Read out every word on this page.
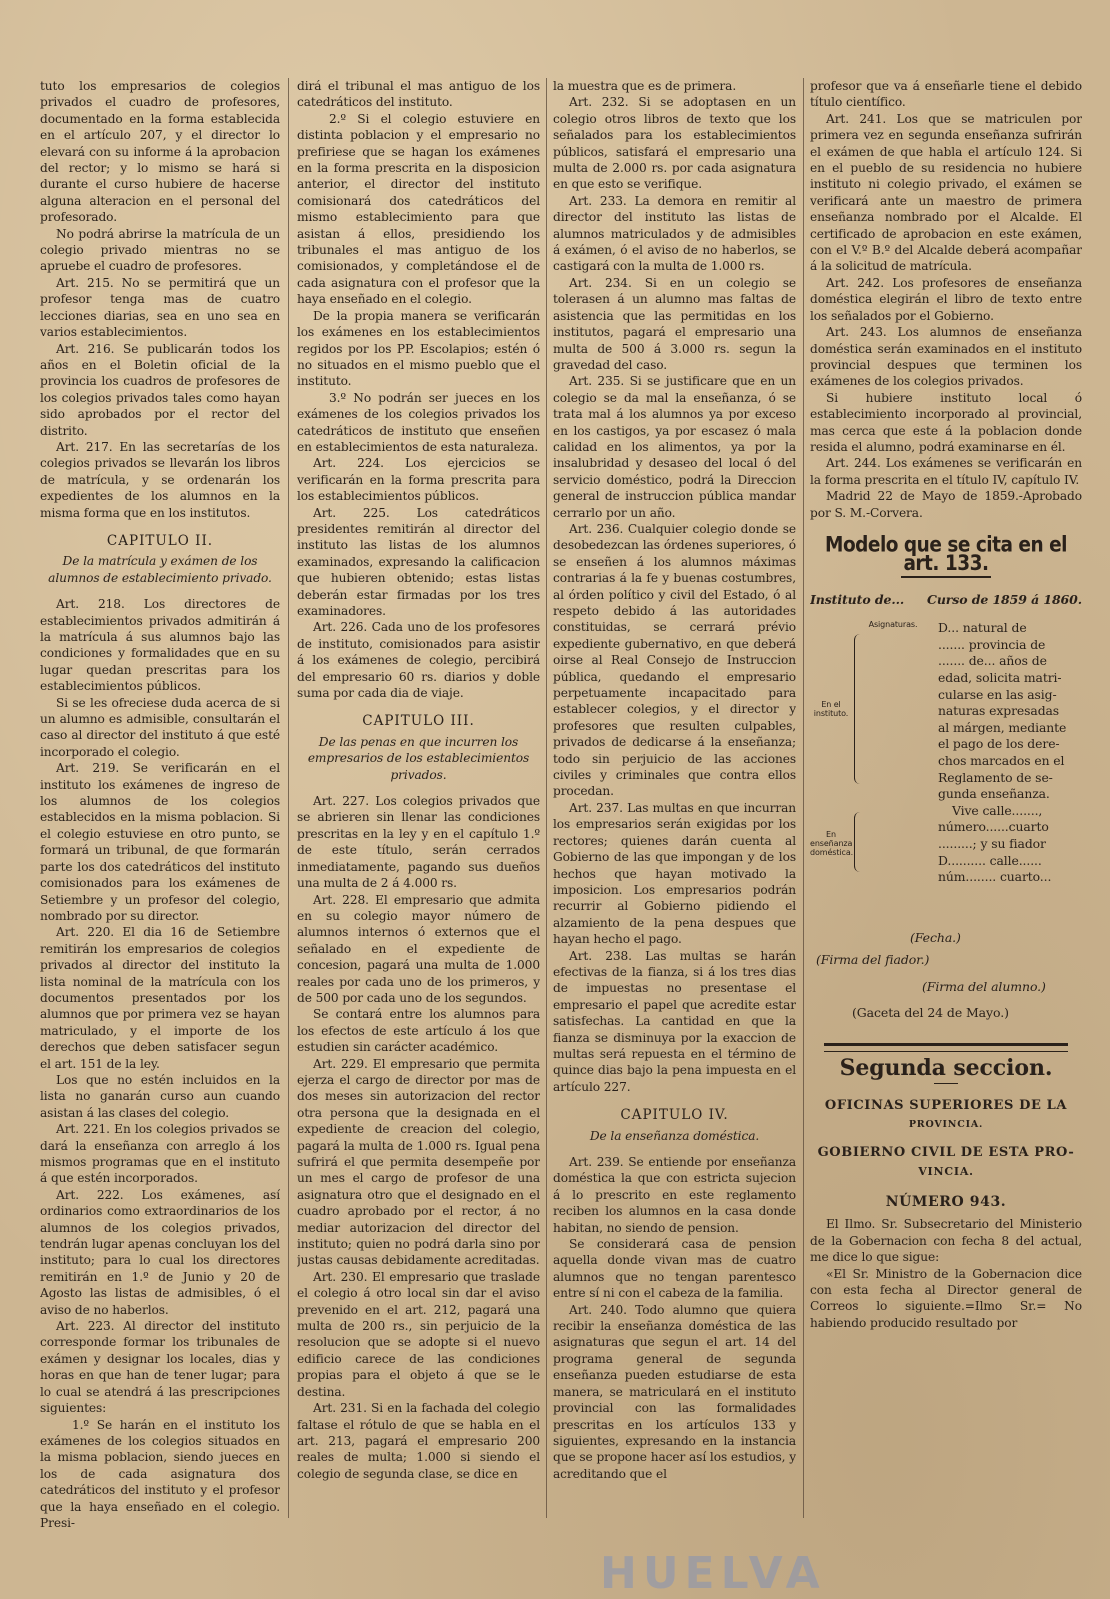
tuto los empresarios de colegios privados el cuadro de profesores, documentado en la forma establecida en el artículo 207, y el director lo elevará con su informe á la aprobacion del rector; y lo mismo se hará si durante el curso hubiere de hacerse alguna alteracion en el personal del profesorado.

No podrá abrirse la matrícula de un colegio privado mientras no se apruebe el cuadro de profesores.

Art. 215. No se permitirá que un profesor tenga mas de cuatro lecciones diarias, sea en uno sea en varios establecimientos.

Art. 216. Se publicarán todos los años en el Boletin oficial de la provincia los cuadros de profesores de los colegios privados tales como hayan sido aprobados por el rector del distrito.

Art. 217. En las secretarías de los colegios privados se llevarán los libros de matrícula, y se ordenarán los expedientes de los alumnos en la misma forma que en los institutos.

CAPITULO II.

De la matrícula y exámen de los alumnos de establecimiento privado.

Art. 218. Los directores de establecimientos privados admitirán á la matrícula á sus alumnos bajo las condiciones y formalidades que en su lugar quedan prescritas para los establecimientos públicos.

Si se les ofreciese duda acerca de si un alumno es admisible, consultarán el caso al director del instituto á que esté incorporado el colegio.

Art. 219. Se verificarán en el instituto los exámenes de ingreso de los alumnos de los colegios establecidos en la misma poblacion. Si el colegio estuviese en otro punto, se formará un tribunal, de que formarán parte los dos catedráticos del instituto comisionados para los exámenes de Setiembre y un profesor del colegio, nombrado por su director.

Art. 220. El dia 16 de Setiembre remitirán los empresarios de colegios privados al director del instituto la lista nominal de la matrícula con los documentos presentados por los alumnos que por primera vez se hayan matriculado, y el importe de los derechos que deben satisfacer segun el art. 151 de la ley.

Los que no estén incluidos en la lista no ganarán curso aun cuando asistan á las clases del colegio.

Art. 221. En los colegios privados se dará la enseñanza con arreglo á los mismos programas que en el instituto á que estén incorporados.

Art. 222. Los exámenes, así ordinarios como extraordinarios de los alumnos de los colegios privados, tendrán lugar apenas concluyan los del instituto; para lo cual los directores remitirán en 1.º de Junio y 20 de Agosto las listas de admisibles, ó el aviso de no haberlos.

Art. 223. Al director del instituto corresponde formar los tribunales de exámen y designar los locales, dias y horas en que han de tener lugar; para lo cual se atendrá á las prescripciones siguientes:

1.º Se harán en el instituto los exámenes de los colegios situados en la misma poblacion, siendo jueces en los de cada asignatura dos catedráticos del instituto y el profesor que la haya enseñado en el colegio. Presi-

dirá el tribunal el mas antiguo de los catedráticos del instituto.

2.º Si el colegio estuviere en distinta poblacion y el empresario no prefiriese que se hagan los exámenes en la forma prescrita en la disposicion anterior, el director del instituto comisionará dos catedráticos del mismo establecimiento para que asistan á ellos, presidiendo los tribunales el mas antiguo de los comisionados, y completándose el de cada asignatura con el profesor que la haya enseñado en el colegio.

De la propia manera se verificarán los exámenes en los establecimientos regidos por los PP. Escolapios; estén ó no situados en el mismo pueblo que el instituto.

3.º No podrán ser jueces en los exámenes de los colegios privados los catedráticos de instituto que enseñen en establecimientos de esta naturaleza.

Art. 224. Los ejercicios se verificarán en la forma prescrita para los establecimientos públicos.

Art. 225. Los catedráticos presidentes remitirán al director del instituto las listas de los alumnos examinados, expresando la calificacion que hubieren obtenido; estas listas deberán estar firmadas por los tres examinadores.

Art. 226. Cada uno de los profesores de instituto, comisionados para asistir á los exámenes de colegio, percibirá del empresario 60 rs. diarios y doble suma por cada dia de viaje.

CAPITULO III.

De las penas en que incurren los empresarios de los establecimientos privados.

Art. 227. Los colegios privados que se abrieren sin llenar las condiciones prescritas en la ley y en el capítulo 1.º de este título, serán cerrados inmediatamente, pagando sus dueños una multa de 2 á 4.000 rs.

Art. 228. El empresario que admita en su colegio mayor número de alumnos internos ó externos que el señalado en el expediente de concesion, pagará una multa de 1.000 reales por cada uno de los primeros, y de 500 por cada uno de los segundos.

Se contará entre los alumnos para los efectos de este artículo á los que estudien sin carácter académico.

Art. 229. El empresario que permita ejerza el cargo de director por mas de dos meses sin autorizacion del rector otra persona que la designada en el expediente de creacion del colegio, pagará la multa de 1.000 rs. Igual pena sufrirá el que permita desempeñe por un mes el cargo de profesor de una asignatura otro que el designado en el cuadro aprobado por el rector, á no mediar autorizacion del director del instituto; quien no podrá darla sino por justas causas debidamente acreditadas.

Art. 230. El empresario que traslade el colegio á otro local sin dar el aviso prevenido en el art. 212, pagará una multa de 200 rs., sin perjuicio de la resolucion que se adopte si el nuevo edificio carece de las condiciones propias para el objeto á que se le destina.

Art. 231. Si en la fachada del colegio faltase el rótulo de que se habla en el art. 213, pagará el empresario 200 reales de multa; 1.000 si siendo el colegio de segunda clase, se dice en

la muestra que es de primera.

Art. 232. Si se adoptasen en un colegio otros libros de texto que los señalados para los establecimientos públicos, satisfará el empresario una multa de 2.000 rs. por cada asignatura en que esto se verifique.

Art. 233. La demora en remitir al director del instituto las listas de alumnos matriculados y de admisibles á exámen, ó el aviso de no haberlos, se castigará con la multa de 1.000 rs.

Art. 234. Si en un colegio se tolerasen á un alumno mas faltas de asistencia que las permitidas en los institutos, pagará el empresario una multa de 500 á 3.000 rs. segun la gravedad del caso.

Art. 235. Si se justificare que en un colegio se da mal la enseñanza, ó se trata mal á los alumnos ya por exceso en los castigos, ya por escasez ó mala calidad en los alimentos, ya por la insalubridad y desaseo del local ó del servicio doméstico, podrá la Direccion general de instruccion pública mandar cerrarlo por un año.

Art. 236. Cualquier colegio donde se desobedezcan las órdenes superiores, ó se enseñen á los alumnos máximas contrarias á la fe y buenas costumbres, al órden político y civil del Estado, ó al respeto debido á las autoridades constituidas, se cerrará prévio expediente gubernativo, en que deberá oirse al Real Consejo de Instruccion pública, quedando el empresario perpetuamente incapacitado para establecer colegios, y el director y profesores que resulten culpables, privados de dedicarse á la enseñanza; todo sin perjuicio de las acciones civiles y criminales que contra ellos procedan.

Art. 237. Las multas en que incurran los empresarios serán exigidas por los rectores; quienes darán cuenta al Gobierno de las que impongan y de los hechos que hayan motivado la imposicion. Los empresarios podrán recurrir al Gobierno pidiendo el alzamiento de la pena despues que hayan hecho el pago.

Art. 238. Las multas se harán efectivas de la fianza, si á los tres dias de impuestas no presentase el empresario el papel que acredite estar satisfechas. La cantidad en que la fianza se disminuya por la exaccion de multas será repuesta en el término de quince dias bajo la pena impuesta en el artículo 227.

CAPITULO IV.

De la enseñanza doméstica.

Art. 239. Se entiende por enseñanza doméstica la que con estricta sujecion á lo prescrito en este reglamento reciben los alumnos en la casa donde habitan, no siendo de pension.

Se considerará casa de pension aquella donde vivan mas de cuatro alumnos que no tengan parentesco entre sí ni con el cabeza de la familia.

Art. 240. Todo alumno que quiera recibir la enseñanza doméstica de las asignaturas que segun el art. 14 del programa general de segunda enseñanza pueden estudiarse de esta manera, se matriculará en el instituto provincial con las formalidades prescritas en los artículos 133 y siguientes, expresando en la instancia que se propone hacer así los estudios, y acreditando que el

profesor que va á enseñarle tiene el debido título científico.

Art. 241. Los que se matriculen por primera vez en segunda enseñanza sufrirán el exámen de que habla el artículo 124. Si en el pueblo de su residencia no hubiere instituto ni colegio privado, el exámen se verificará ante un maestro de primera enseñanza nombrado por el Alcalde. El certificado de aprobacion en este exámen, con el V.º B.º del Alcalde deberá acompañar á la solicitud de matrícula.

Art. 242. Los profesores de enseñanza doméstica elegirán el libro de texto entre los señalados por el Gobierno.

Art. 243. Los alumnos de enseñanza doméstica serán examinados en el instituto provincial despues que terminen los exámenes de los colegios privados.

Si hubiere instituto local ó establecimiento incorporado al provincial, mas cerca que este á la poblacion donde resida el alumno, podrá examinarse en él.

Art. 244. Los exámenes se verificarán en la forma prescrita en el título IV, capítulo IV.

Madrid 22 de Mayo de 1859.-Aprobado por S. M.-Corvera.

Modelo que se cita en el art. 133.
Instituto de... Curso de 1859 á 1860.
Asignaturas.
En el instituto.
En enseñanza doméstica.
D... natural de
....... provincia de
....... de... años de
edad, solicita matri-
cularse en las asig-
naturas expresadas
al márgen, mediante
el pago de los dere-
chos marcados en el
Reglamento de se-
gunda enseñanza.
Vive calle.......,
número......cuarto
.........; y su fiador
D.......... calle......
núm........ cuarto...
(Fecha.)
(Firma del fiador.)
(Firma del alumno.)
(Gaceta del 24 de Mayo.)
Segunda seccion.
OFICINAS SUPERIORES DE LA
PROVINCIA.
GOBIERNO CIVIL DE ESTA PRO-
VINCIA.
NÚMERO 943.

El Ilmo. Sr. Subsecretario del Ministerio de la Gobernacion con fecha 8 del actual, me dice lo que sigue:

«El Sr. Ministro de la Gobernacion dice con esta fecha al Director general de Correos lo siguiente.=Ilmo Sr.= No habiendo producido resultado por

HUELVA
